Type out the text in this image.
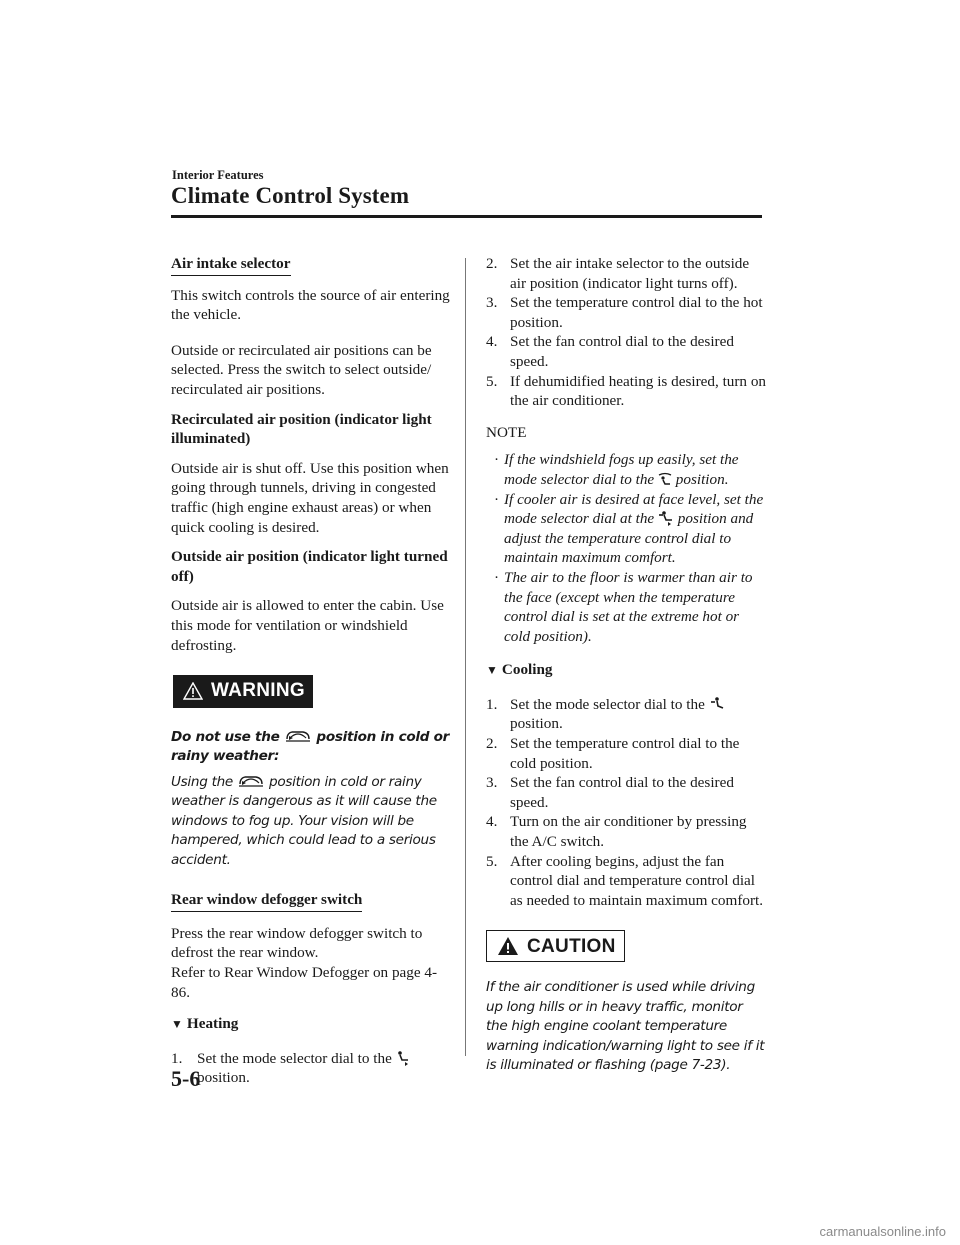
Interior Features
Climate Control System
Air intake selector

This switch controls the source of air entering the vehicle.

Outside or recirculated air positions can be selected. Press the switch to select outside/ recirculated air positions.

Recirculated air position (indicator light illuminated)

Outside air is shut off. Use this position when going through tunnels, driving in congested traffic (high engine exhaust areas) or when quick cooling is desired.

Outside air position (indicator light turned off)

Outside air is allowed to enter the cabin. Use this mode for ventilation or windshield defrosting.

WARNING

Do not use the	position in cold or rainy weather:

Using the	position in cold or rainy weather is dangerous as it will cause the windows to fog up. Your vision will be hampered, which could lead to a serious accident.

Rear window defogger switch

Press the rear window defogger switch to defrost the rear window.

Refer to Rear Window Defogger on page 4-86.

▼ Heating

1. Set the mode selector dial to the
position.
2. Set the air intake selector to the outside air position (indicator light turns off).
3. Set the temperature control dial to the hot position.
4. Set the fan control dial to the desired speed.
5. If dehumidified heating is desired, turn on the air conditioner.

NOTE

· If the windshield fogs up easily, set the mode selector dial to the position.
· If cooler air is desired at face level, set the mode selector dial at the position and adjust the temperature control dial to maintain maximum comfort.
· The air to the floor is warmer than air to the face (except when the temperature control dial is set at the extreme hot or cold position).

▼ Cooling

1. Set the mode selector dial to the
position.
2. Set the temperature control dial to the cold position.
3. Set the fan control dial to the desired speed.
4. Turn on the air conditioner by pressing the A/C switch.
5. After cooling begins, adjust the fan control dial and temperature control dial as needed to maintain maximum comfort.
CAUTION

If the air conditioner is used while driving up long hills or in heavy traffic, monitor the high engine coolant temperature warning indication/warning light to see if it is illuminated or flashing (page 7-23).

5-6
carmanualsonline.info
